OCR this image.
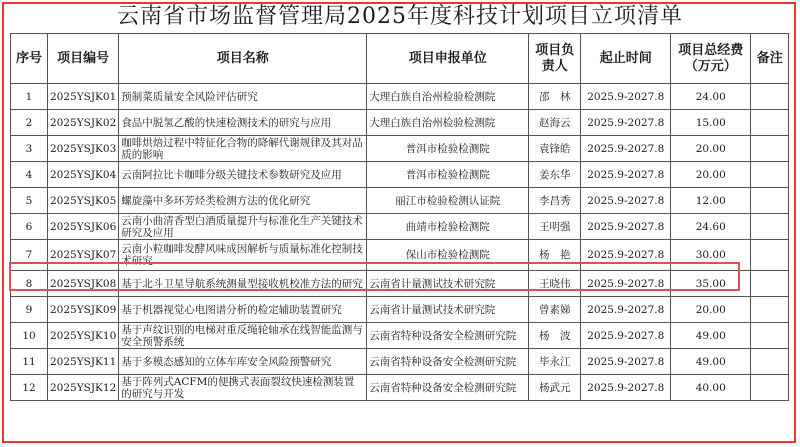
云南省市场监督管理局2025年度科技计划项目立项清单
序号	项目编号	项目名称	项目申报单位	项目负责人	起止时间	项目总经费（万元）	备注
1	2025YSJK01	预制菜质量安全风险评估研究	大理白族自治州检验检测院	邵　林	2025.9-2027.8	24.00	
2	2025YSJK02	食品中脱氢乙酸的快速检测技术的研究与应用	大理白族自治州检验检测院	赵海云	2025.9-2027.8	15.00	
3	2025YSJK03	咖啡烘焙过程中特征化合物的降解代谢规律及其对品质的影响	普洱市检验检测院	袁锋皓	2025.9-2027.8	20.00	
4	2025YSJK04	云南阿拉比卡咖啡分级关键技术参数研究及应用	普洱市检验检测院	姜东华	2025.9-2027.8	20.00	
5	2025YSJK05	螺旋藻中多环芳烃类检测方法的优化研究	丽江市检验检测认证院	李昌秀	2025.9-2027.8	12.00	
6	2025YSJK06	云南小曲清香型白酒质量提升与标准化生产关键技术研究及应用	曲靖市检验检测院	王明强	2025.9-2027.8	24.60	
7	2025YSJK07	云南小粒咖啡发酵风味成因解析与质量标准化控制技术研究	保山市检验检测院	杨　艳	2025.9-2027.8	30.00	
8	2025YSJK08	基于北斗卫星导航系统测量型接收机校准方法的研究	云南省计量测试技术研究院	王晓伟	2025.9-2027.8	35.00	
9	2025YSJK09	基于机器视觉心电图谱分析的检定辅助装置研究	云南省计量测试技术研究院	曾素娣	2025.9-2027.8	20.00	
10	2025YSJK10	基于声纹识别的电梯对重反绳轮轴承在线智能监测与安全预警系统	云南省特种设备安全检测研究院	杨　波	2025.9-2027.8	49.00	
11	2025YSJK11	基于多模态感知的立体车库安全风险预警研究	云南省特种设备安全检测研究院	毕永江	2025.9-2027.8	49.00	
12	2025YSJK12	基于阵列式ACFM的便携式表面裂纹快速检测装置的研究与开发	云南省特种设备安全检测研究院	杨武元	2025.9-2027.8	40.00	
